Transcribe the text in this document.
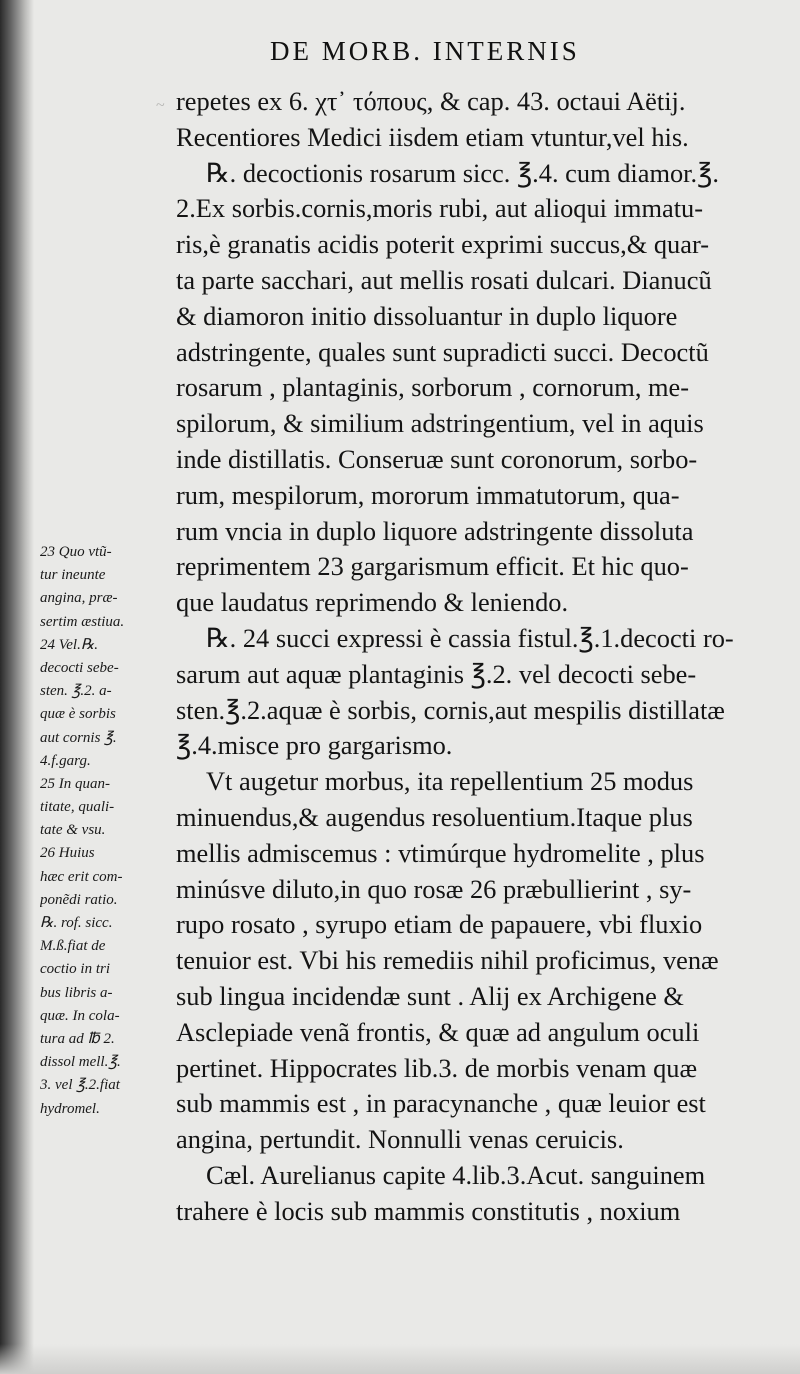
~
DE MORB. INTERNIS
repetes ex 6. χτ᾽ τόπους, & cap. 43. octaui Aëtij.
Recentiores Medici iisdem etiam vtuntur,vel his.
℞. decoctionis rosarum sicc. ℥.4. cum diamor.℥.
2.Ex sorbis.cornis,moris rubi, aut alioqui immatu-
ris,è granatis acidis poterit exprimi succus,& quar-
ta parte sacchari, aut mellis rosati dulcari. Dianucũ
& diamoron initio dissoluantur in duplo liquore
adstringente, quales sunt supradicti succi. Decoctũ
rosarum , plantaginis, sorborum , cornorum, me-
spilorum, & similium adstringentium, vel in aquis
inde distillatis. Conseruæ sunt coronorum, sorbo-
rum, mespilorum, mororum immatutorum, qua-
rum vncia in duplo liquore adstringente dissoluta
reprimentem 23 gargarismum efficit. Et hic quo-
que laudatus reprimendo & leniendo.
℞. 24 succi expressi è cassia fistul.℥.1.decocti ro-
sarum aut aquæ plantaginis ℥.2. vel decocti sebe-
sten.℥.2.aquæ è sorbis, cornis,aut mespilis distillatæ
℥.4.misce pro gargarismo.
Vt augetur morbus, ita repellentium 25 modus
minuendus,& augendus resoluentium.Itaque plus
mellis admiscemus : vtimúrque hydromelite , plus
minúsve diluto,in quo rosæ 26 præbullierint , sy-
rupo rosato , syrupo etiam de papauere, vbi fluxio
tenuior est. Vbi his remediis nihil proficimus, venæ
sub lingua incidendæ sunt . Alij ex Archigene &
Asclepiade venã frontis, & quæ ad angulum oculi
pertinet. Hippocrates lib.3. de morbis venam quæ
sub mammis est , in paracynanche , quæ leuior est
angina, pertundit. Nonnulli venas ceruicis.
Cæl. Aurelianus capite 4.lib.3.Acut. sanguinem
trahere è locis sub mammis constitutis , noxium
23 Quo vtũ-
tur ineunte
angina, præ-
sertim æstiua.
24 Vel.℞.
decocti sebe-
sten. ℥.2. a-
quæ è sorbis
aut cornis ℥.
4.f.garg.
25 In quan-
titate, quali-
tate & vsu.
26 Huius
hæc erit com-
ponẽdi ratio.
℞. rof. sicc.
M.ß.fiat de
coctio in tri
bus libris a-
quæ. In cola-
tura ad ℔ 2.
dissol mell.℥.
3. vel ℥.2.fiat
hydromel.
